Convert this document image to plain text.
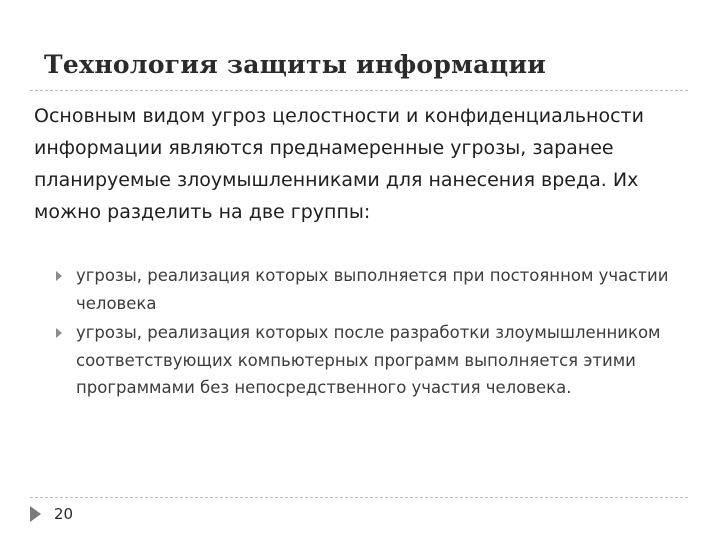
Технология защиты информации
Основным видом угроз целостности и конфиденциальности информации являются преднамеренные угрозы, заранее планируемые злоумышленниками для нанесения вреда. Их можно разделить на две группы:
угрозы, реализация которых выполняется при постоянном участии человека
угрозы, реализация которых после разработки злоумышленником соответствующих компьютерных программ выполняется этими программами без непосредственного участия человека.
20
